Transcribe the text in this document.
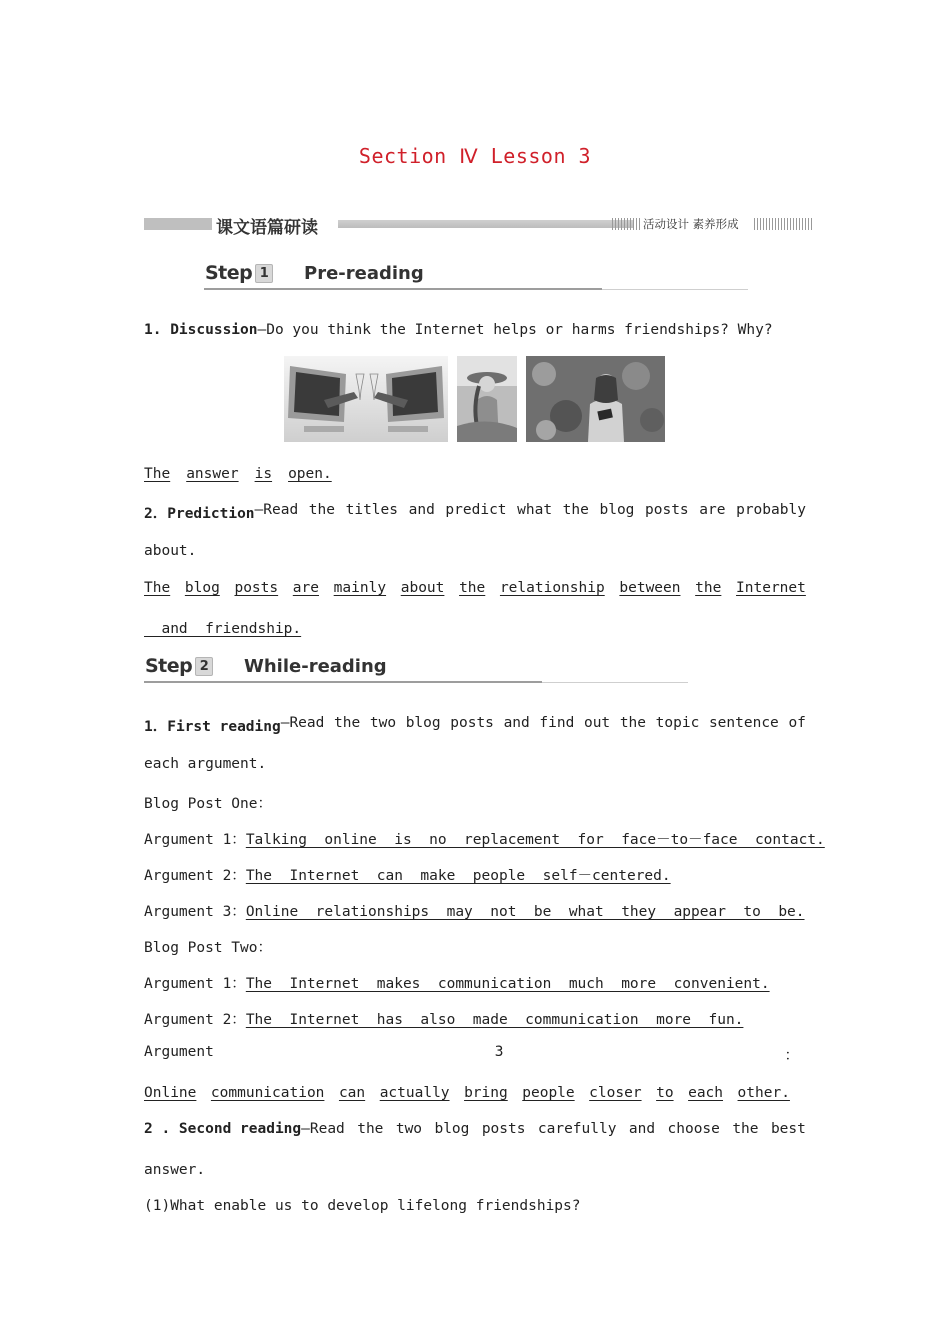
Section Ⅳ Lesson 3
课文语篇研读	活动设计 素养形成
Step 1 Pre-reading
1. Discussion—Do you think the Internet helps or harms friendships? Why?
The answer is open.
2．Prediction —Read the titles and predict what the blog posts are probably
about.
The blog posts are mainly about the relationship between the Internet
and  friendship.
Step 2 While-reading
1．First reading —Read the two blog posts and find out the topic sentence of
each argument.
Blog Post One：
Argument 1：Talking  online  is  no  replacement  for  face－to－face  contact.
Argument 2：The  Internet  can  make  people  self－centered.
Argument 3：Online  relationships  may  not  be  what  they  appear  to  be.
Blog Post Two：
Argument 1：The  Internet  makes  communication  much  more  convenient.
Argument 2：The  Internet  has  also  made  communication  more  fun.
Argument	3	：
Online communication can actually bring people closer to each other.
2 . Second reading —Read the two blog posts carefully and choose the best
answer.
(1)What enable us to develop lifelong friendships?
